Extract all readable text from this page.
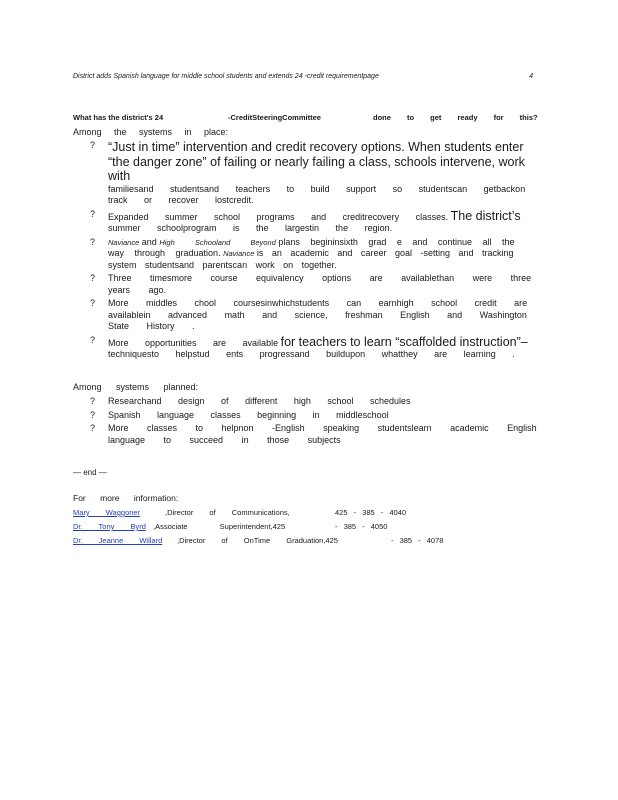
District adds Spanish language for middle school students and extends 24 -credit requirementpage	4
What has the district's 24	-CreditSteeringCommittee	done to get ready for this?
Among the systems in place:
? “Just in time” intervention and credit recovery options. When students enter “the danger zone” of failing or nearly failing a class, schools intervene, work with
familiesand studentsand teachers to build support so studentscan getbackon track or recover lostcredit.
? Expanded summer school programs and creditrecovery classes. The district’s
summer schoolprogram is the largestin the region.
? Naviance and High Schooland Beyond plans begininsixth grad e and continue all the way through graduation. Naviance is an academic and career goal -setting and tracking system studentsand parentscan work on together.
? Three timesmore course equivalency options are availablethan were three years ago.
? More middles chool coursesinwhichstudents can earnhigh school credit are availablein advanced math and science, freshman English and Washington State History .
? More opportunities are available for teachers to learn “scaffolded instruction”–
techniquesto helpstud ents progressand buildupon whatthey are learning .
Among systems planned:
? Researchand design of different high school schedules
? Spanish language classes beginning in middleschool
? More classes to helpnon -English speaking studentslearn academic English language to succeed in those subjects
— end —
For more information:
Mary Waggoner	,Director of Communications,	425 - 385 - 4040
Dr. Tony Byrd ,Associate Superintendent,425	- 385 - 4050
Dr. Jeanne Willard ,Director of OnTime Graduation,425	- 385 - 4078
